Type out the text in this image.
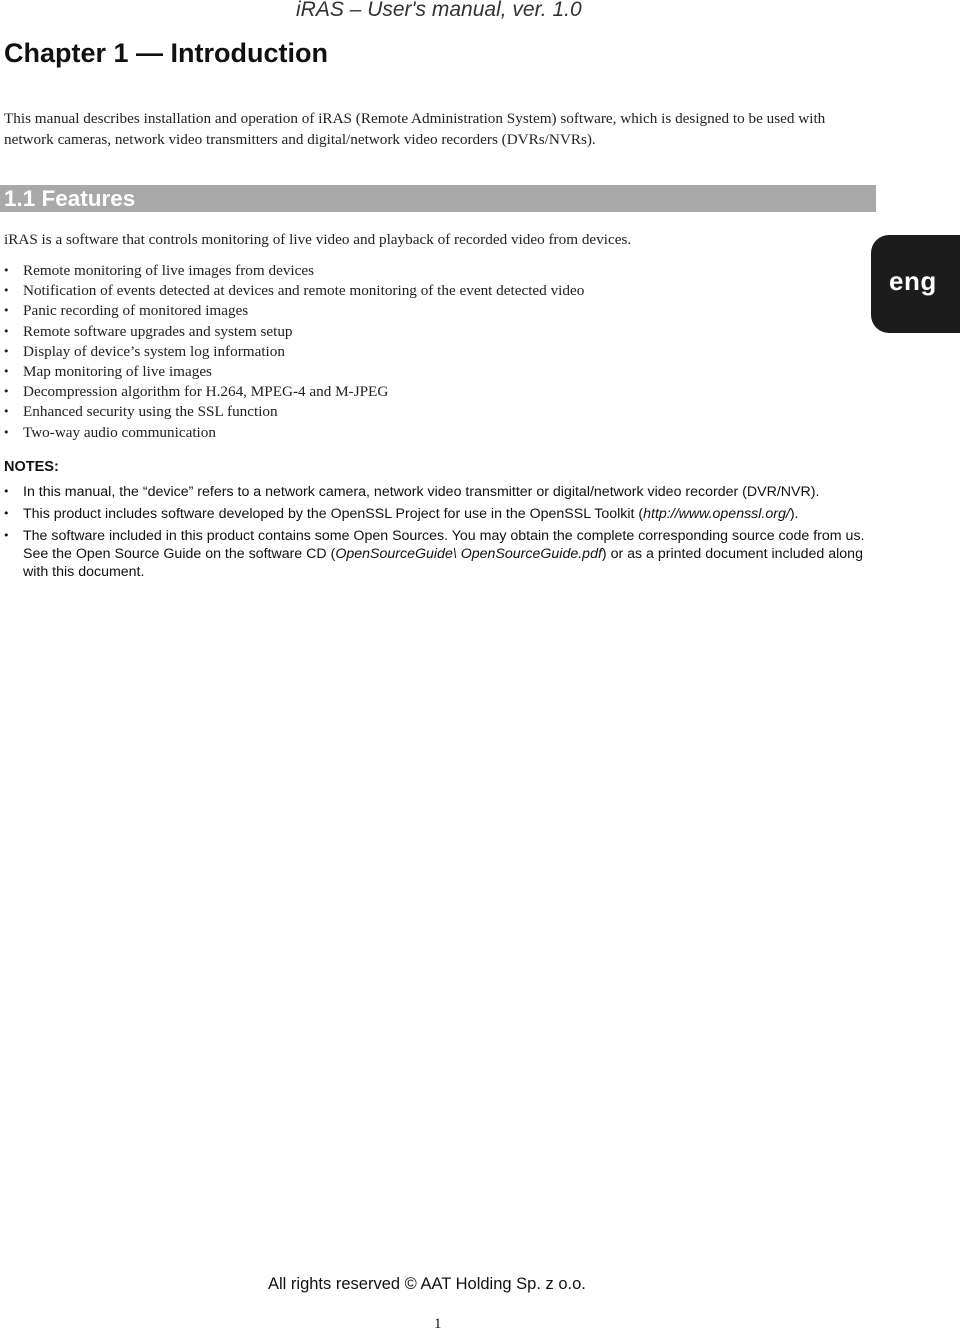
iRAS – User's manual, ver. 1.0
Chapter 1 — Introduction
This manual describes installation and operation of iRAS (Remote Administration System) software, which is designed to be used with network cameras, network video transmitters and digital/network video recorders (DVRs/NVRs).
1.1 Features
iRAS is a software that controls monitoring of live video and playback of recorded video from devices.
• Remote monitoring of live images from devices
• Notification of events detected at devices and remote monitoring of the event detected video
• Panic recording of monitored images
• Remote software upgrades and system setup
• Display of device’s system log information
• Map monitoring of live images
• Decompression algorithm for H.264, MPEG-4 and M-JPEG
• Enhanced security using the SSL function
• Two-way audio communication
NOTES:
• In this manual, the “device” refers to a network camera, network video transmitter or digital/network video recorder (DVR/NVR).
• This product includes software developed by the OpenSSL Project for use in the OpenSSL Toolkit (http://www.openssl.org/).
• The software included in this product contains some Open Sources. You may obtain the complete corresponding source code from us. See the Open Source Guide on the software CD (OpenSourceGuide\ OpenSourceGuide.pdf) or as a printed document included along with this document.
eng
All rights reserved © AAT Holding Sp. z o.o.
1
